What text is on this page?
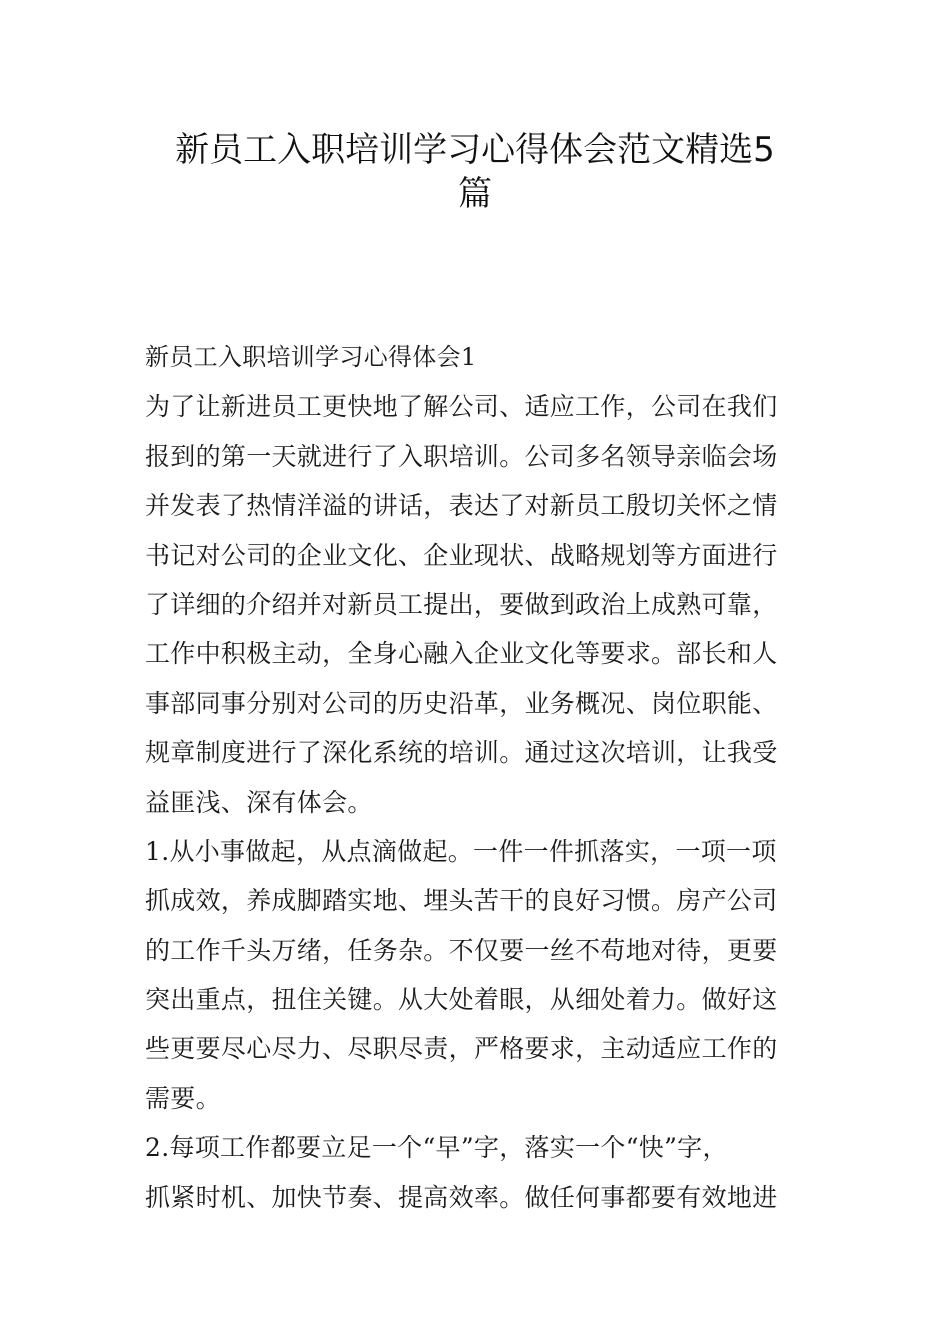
新员工入职培训学习心得体会范文精选5
篇
新员工入职培训学习心得体会1
为了让新进员工更快地了解公司、适应工作，公司在我们
报到的第一天就进行了入职培训。公司多名领导亲临会场
并发表了热情洋溢的讲话，表达了对新员工殷切关怀之情
书记对公司的企业文化、企业现状、战略规划等方面进行
了详细的介绍并对新员工提出，要做到政治上成熟可靠，
工作中积极主动，全身心融入企业文化等要求。部长和人
事部同事分别对公司的历史沿革，业务概况、岗位职能、
规章制度进行了深化系统的培训。通过这次培训，让我受
益匪浅、深有体会。
1.从小事做起，从点滴做起。一件一件抓落实，一项一项
抓成效，养成脚踏实地、埋头苦干的良好习惯。房产公司
的工作千头万绪，任务杂。不仅要一丝不苟地对待，更要
突出重点，扭住关键。从大处着眼，从细处着力。做好这
些更要尽心尽力、尽职尽责，严格要求，主动适应工作的
需要。
2.每项工作都要立足一个“早”字，落实一个“快”字，
抓紧时机、加快节奏、提高效率。做任何事都要有效地进
